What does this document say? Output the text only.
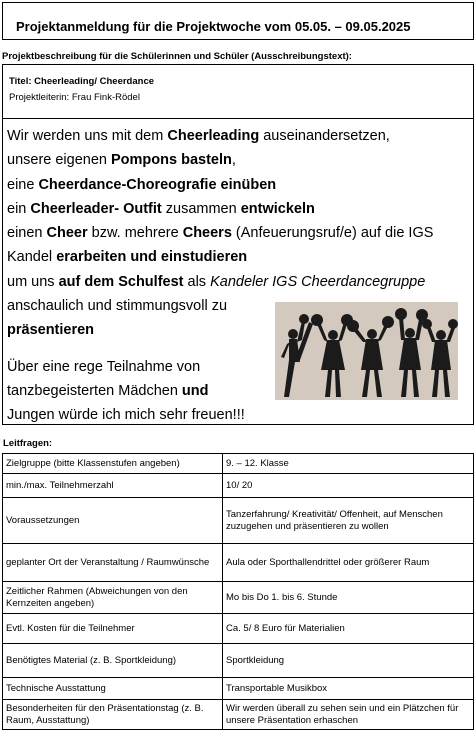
Projektanmeldung für die Projektwoche vom 05.05. – 09.05.2025
Projektbeschreibung für die Schülerinnen und Schüler (Ausschreibungstext):
Titel: Cheerleading/ Cheerdance
Projektleiterin: Frau Fink-Rödel
Wir werden uns mit dem Cheerleading auseinandersetzen,
unsere eigenen Pompons basteln,
eine Cheerdance-Choreografie einüben
ein Cheerleader- Outfit zusammen entwickeln
einen Cheer bzw. mehrere Cheers (Anfeuerungsruf/e) auf die IGS
Kandel erarbeiten und einstudieren
um uns auf dem Schulfest als Kandeler IGS Cheerdancegruppe
anschaulich und stimmungsvoll zu
präsentieren
Über eine rege Teilnahme von
tanzbegeisterten Mädchen und
Jungen würde ich mich sehr freuen!!!
Leitfragen:
Zielgruppe (bitte Klassenstufen angeben)	9. – 12. Klasse
min./max. Teilnehmerzahl	10/ 20
Voraussetzungen	Tanzerfahrung/ Kreativität/ Offenheit, auf Menschen zuzugehen und präsentieren zu wollen
geplanter Ort der Veranstaltung / Raumwünsche	Aula oder Sporthallendrittel oder größerer Raum
Zeitlicher Rahmen (Abweichungen von den Kernzeiten angeben)	Mo bis Do 1. bis 6. Stunde
Evtl. Kosten für die Teilnehmer	Ca. 5/ 8 Euro für Materialien
Benötigtes Material (z. B. Sportkleidung)	Sportkleidung
Technische Ausstattung	Transportable Musikbox
Besonderheiten für den Präsentationstag (z. B. Raum, Ausstattung)	Wir werden überall zu sehen sein und ein Plätzchen für unsere Präsentation erhaschen
